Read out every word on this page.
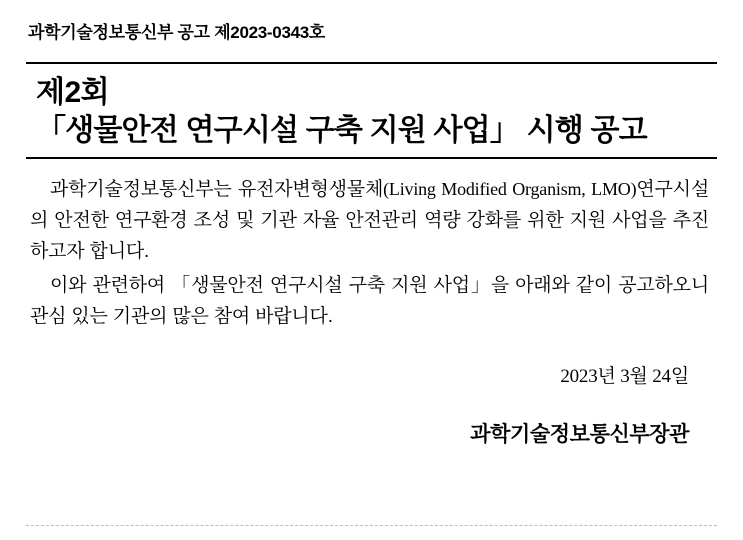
과학기술정보통신부 공고 제2023-0343호
제2회
「생물안전 연구시설 구축 지원 사업」 시행 공고

과학기술정보통신부는 유전자변형생물체(Living Modified Organism, LMO)연구시설의 안전한 연구환경 조성 및 기관 자율 안전관리 역량 강화를 위한 지원 사업을 추진하고자 합니다.

이와 관련하여 「생물안전 연구시설 구축 지원 사업」을 아래와 같이 공고하오니 관심 있는 기관의 많은 참여 바랍니다.

2023년 3월 24일
과학기술정보통신부장관
